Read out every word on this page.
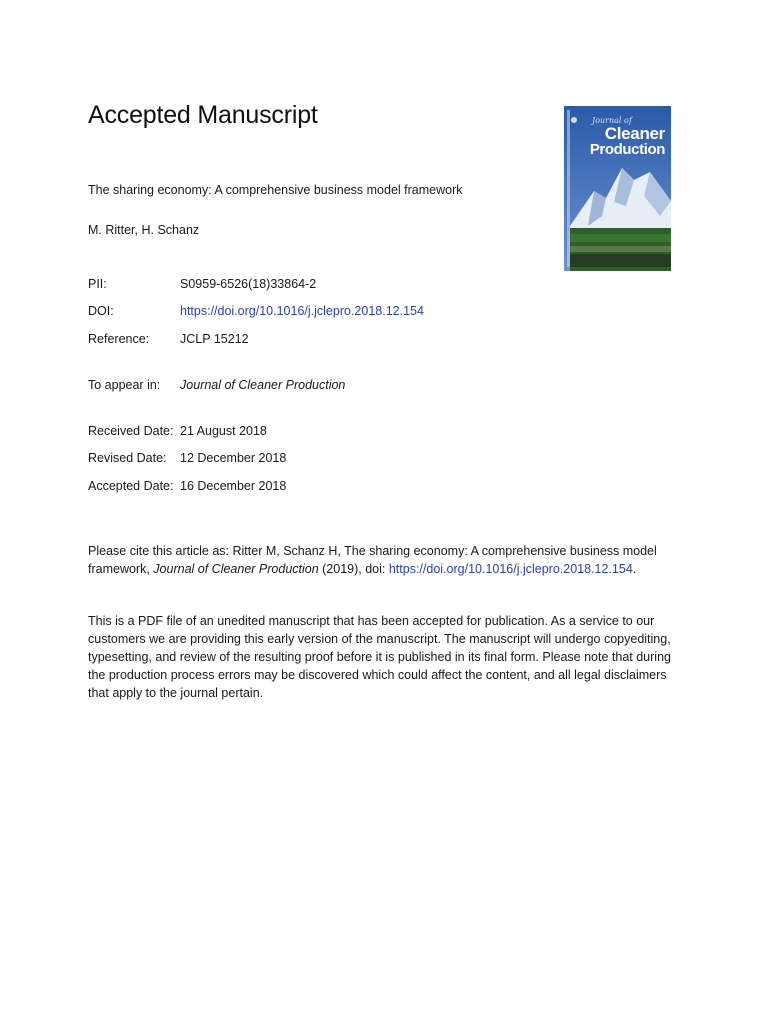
Accepted Manuscript	Journal of
Cleaner
Production

The sharing economy: A comprehensive business model framework

M. Ritter, H. Schanz

PII:	S0959-6526(18)33864-2
DOI:	https://doi.org/10.1016/j.jclepro.2018.12.154
Reference: JCLP 15212
To appear in: Journal of Cleaner Production
Received Date: 21 August 2018
Revised Date: 12 December 2018
Accepted Date: 16 December 2018

Please cite this article as: Ritter M, Schanz H, The sharing economy: A comprehensive business model framework, Journal of Cleaner Production (2019), doi: https://doi.org/10.1016/j.jclepro.2018.12.154.

This is a PDF file of an unedited manuscript that has been accepted for publication. As a service to our customers we are providing this early version of the manuscript. The manuscript will undergo copyediting, typesetting, and review of the resulting proof before it is published in its final form. Please note that during the production process errors may be discovered which could affect the content, and all legal disclaimers that apply to the journal pertain.
